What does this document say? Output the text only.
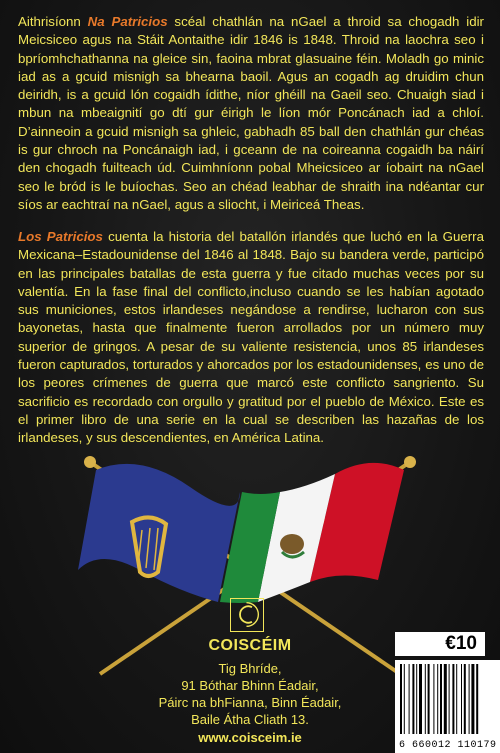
Aithrisíonn Na Patricios scéal chathlán na nGael a throid sa chogadh idir Meicsiceo agus na Stáit Aontaithe idir 1846 is 1848. Throid na laochra seo i bpríomhchathanna na gleice sin, faoina mbrat glasuaine féin. Moladh go minic iad as a gcuid misnigh sa bhearna baoil. Agus an cogadh ag druidim chun deiridh, is a gcuid lón cogaidh ídithe, níor ghéill na Gaeil seo. Chuaigh siad i mbun na mbeaignití go dtí gur éirigh le líon mór Poncánach iad a chloí. D’ainneoin a gcuid misnigh sa ghleic, gabhadh 85 ball den chathlán gur chéas is gur chroch na Poncánaigh iad, i gceann de na coireanna cogaidh ba náirí den chogadh fuilteach úd. Cuimhníonn pobal Mheicsiceo ar íobairt na nGael seo le bród is le buíochas. Seo an chéad leabhar de shraith ina ndéantar cur síos ar eachtraí na nGael, agus a sliocht, i Meiriceá Theas.

Los Patricios cuenta la historia del batallón irlandés que luchó en la Guerra Mexicana–Estadounidense del 1846 al 1848. Bajo su bandera verde, participó en las principales batallas de esta guerra y fue citado muchas veces por su valentía. En la fase final del conflicto,incluso cuando se les habían agotado sus municiones, estos irlandeses negándose a rendirse, lucharon con sus bayonetas, hasta que finalmente fueron arrollados por un número muy superior de gringos. A pesar de su valiente resistencia, unos 85 irlandeses fueron capturados, torturados y ahorcados por los estadounidenses, es uno de los peores crímenes de guerra que marcó este conflicto sangriento. Su sacrificio es recordado con orgullo y gratitud por el pueblo de México. Este es el primer libro de una serie en la cual se describen las hazañas de los irlandeses, y sus descendientes, en América Latina.

COISCÉIM
Tig Bhríde,
91 Bóthar Bhinn Éadair,
Páirc na bhFianna, Binn Éadair,
Baile Átha Cliath 13.
www.coisceim.ie
€10
6 660012 110179
